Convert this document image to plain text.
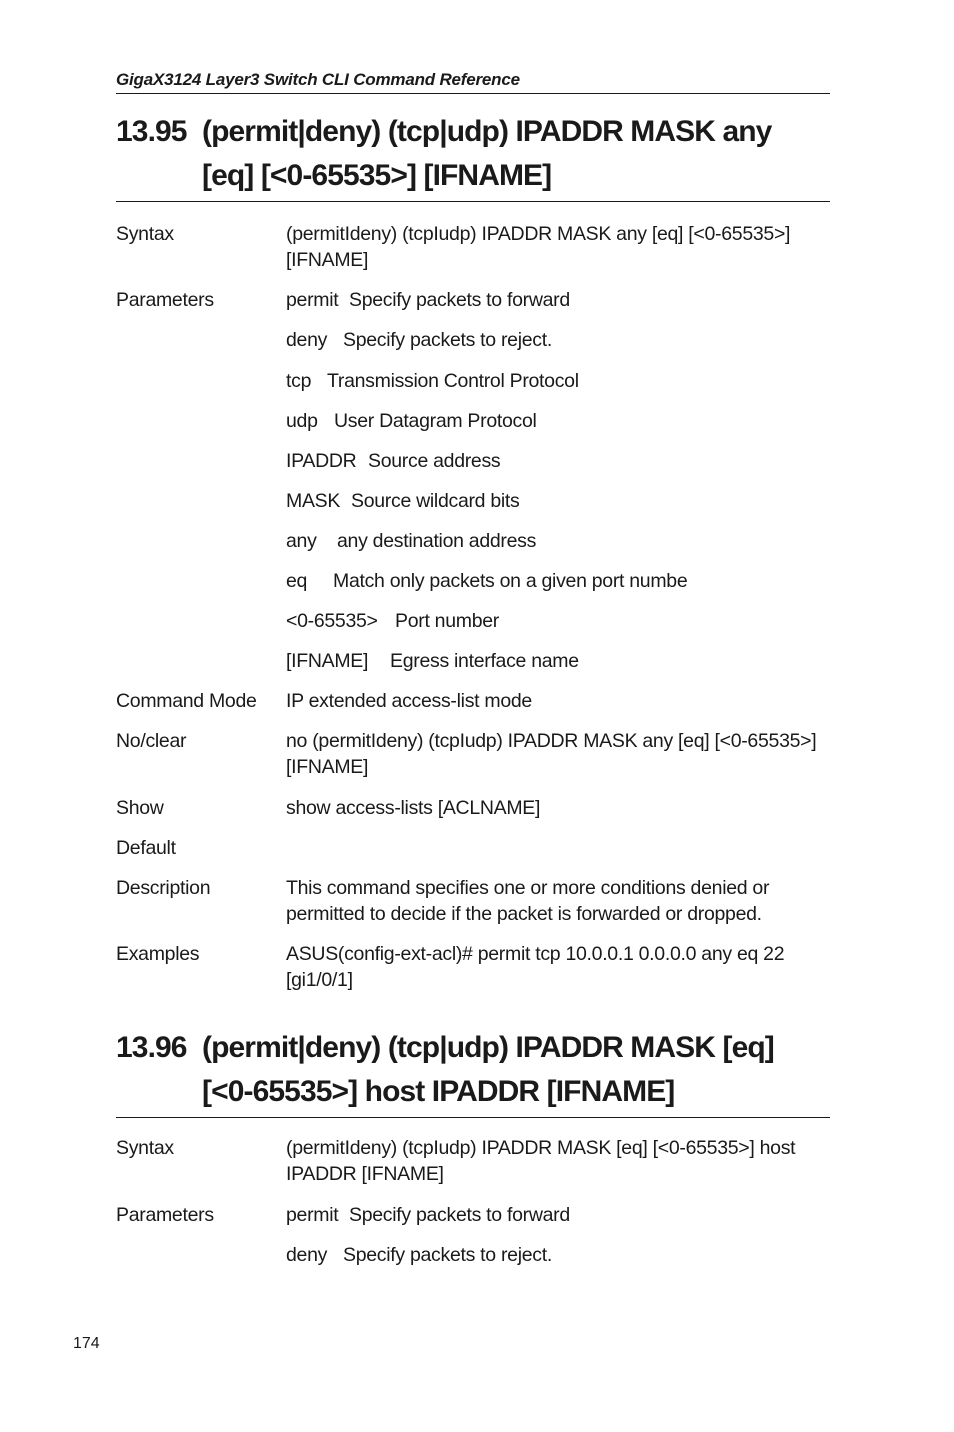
GigaX3124 Layer3 Switch CLI Command Reference
13.95 (permit|deny) (tcp|udp) IPADDR MASK any
[eq] [<0-65535>] [IFNAME]
Syntax	(permitIdeny) (tcpIudp) IPADDR MASK any [eq] [<0-65535>]
[IFNAME]
Parameters	permit Specify packets to forward
deny Specify packets to reject.
tcp Transmission Control Protocol
udp User Datagram Protocol
IPADDR Source address
MASK Source wildcard bits
any any destination address
eq Match only packets on a given port numbe
<0-65535> Port number
[IFNAME] Egress interface name
Command Mode	IP extended access-list mode
No/clear	no (permitIdeny) (tcpIudp) IPADDR MASK any [eq] [<0-65535>]
[IFNAME]
Show	show access-lists [ACLNAME]
Default
Description	This command specifies one or more conditions denied or
permitted to decide if the packet is forwarded or dropped.
Examples	ASUS(config-ext-acl)# permit tcp 10.0.0.1 0.0.0.0 any eq 22
[gi1/0/1]
13.96 (permit|deny) (tcp|udp) IPADDR MASK [eq]
[<0-65535>] host IPADDR [IFNAME]
Syntax	(permitIdeny) (tcpIudp) IPADDR MASK [eq] [<0-65535>] host
IPADDR [IFNAME]
Parameters	permit Specify packets to forward
deny Specify packets to reject.
174
